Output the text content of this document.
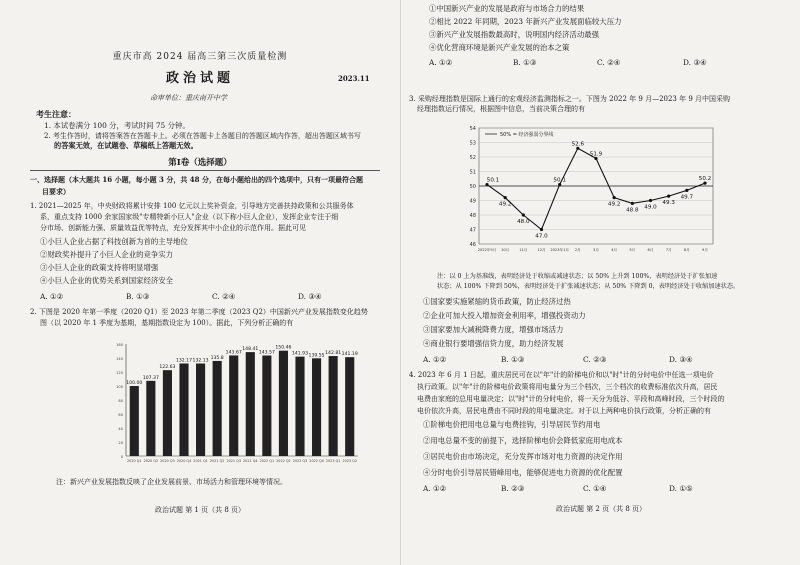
重庆市高 2024 届高三第三次质量检测
政治试题	2023.11
命审单位：重庆南开中学
考生注意：
1. 本试卷满分 100 分，考试时间 75 分钟。
2. 考生作答时，请将答案答在答题卡上。必须在答题卡上各题目的答题区域内作答，超出答题区域书写
的答案无效，在试题卷、草稿纸上答题无效。
第Ⅰ卷（选择题）
一、选择题（本大题共 16 小题，每小题 3 分，共 48 分，在每小题给出的四个选项中，只有一项最符合题
目要求）
1. 2021—2025 年，中央财政将累计安排 100 亿元以上奖补资金，引导地方完善扶持政策和公共服务体
系，重点支持 1000 余家国家级"专精特新小巨人"企业（以下称小巨人企业），发挥企业专注于细
分市场、创新能力强、质量效益优等特点，充分发挥其中小企业的示范作用。据此可见
①小巨人企业占据了科技创新为首的主导地位
②财政奖补提升了小巨人企业的竞争实力
③小巨人企业的政策支持将明显增强
④小巨人企业的优势关系到国家经济安全
A. ①②	B. ①③	C. ②④	D. ③④
2. 下图是 2020 年第一季度（2020 Q1）至 2023 年第二季度（2023 Q2）中国新兴产业发展指数变化趋势
图（以 2020 年 1 季度为基期，基期指数设定为 100）。据此，下列分析正确的有
160
140
120
100
80
60
40
20
0
100.00
2020 Q1
107.37
2020 Q2
122.63
2020 Q3
132.17
2020 Q4
132.13
2021 Q1
135.8
2021 Q2
143.67
2021 Q3
148.41
2021 Q4
143.57
2022 Q1
150.46
2022 Q2
141.93
2022 Q3
139.55
2022 Q4
142.81
2023 Q1
141.19
2023 Q2
注：新兴产业发展指数反映了企业发展前景、市场活力和管理环境等情况。
政治试题 第 1 页（共 8 页）
①中国新兴产业的发展是政府与市场合力的结果
②相比 2022 年同期，2023 年新兴产业发展面临较大压力
③新兴产业发展指数最高时，说明国内经济活动最强
④优化营商环境是新兴产业发展的治本之策
A. ①②	B. ①③	C. ②④	D. ③④
3. 采购经理指数是国际上通行的宏观经济监测指标之一。下图为 2022 年 9 月—2023 年 9 月中国采购
经理指数运行情况，根据图中信息，当前决策合理的有
54
53
52
51
50
49
48
47
46
50% = 经济强弱分界线
50.1
2022年9月
49.2
10月
48.0
11月
47.0
12月
50.1
2023年1月
52.6
2月
51.9
3月
49.2
4月
48.8
5月
49.0
6月
49.3
7月
49.7
8月
50.2
9月
注：以 0 上为基准线，表明经济处于收缩或减速状态；以 50% 上升到 100%，表明经济处于扩张加速
状态；从 100% 下降到 50%，表明经济处于扩张减速状态；从 50% 下降到 0，表明经济处于收缩加速状态。
①国家要实施紧缩的货币政策，防止经济过热
②企业可加大投入增加资金利用率，增强投资动力
③国家要加大减税降费力度，增强市场活力
④商业银行要增强信贷力度，助力经济发展
A. ①②	B. ①③	C. ②③	D. ③④
4. 2023 年 6 月 1 日起，重庆居民可在以"年"计的阶梯电价和以"时"计的分时电价中任选一项电价
执行政策。以"年"计的阶梯电价政策将用电量分为三个档次，三个档次的收费标准依次升高，居民
电费由家庭的总用电量决定；以"时"计的分时电价，将一天分为低谷、平段和高峰时段，三个时段的
电价依次升高，居民电费由不同时段的用电量决定。对于以上两种电价执行政策，分析正确的有
①阶梯电价把用电总量与电费挂钩，引导居民节约用电
②用电总量不变的前提下，选择阶梯电价会降低家庭用电成本
③居民电价由市场决定，充分发挥市场对电力资源的决定作用
④分时电价引导居民错峰用电，能够促进电力资源的优化配置
A. ①②	B. ②③	C. ①④	D. ①⑤
政治试题 第 2 页（共 8 页）
